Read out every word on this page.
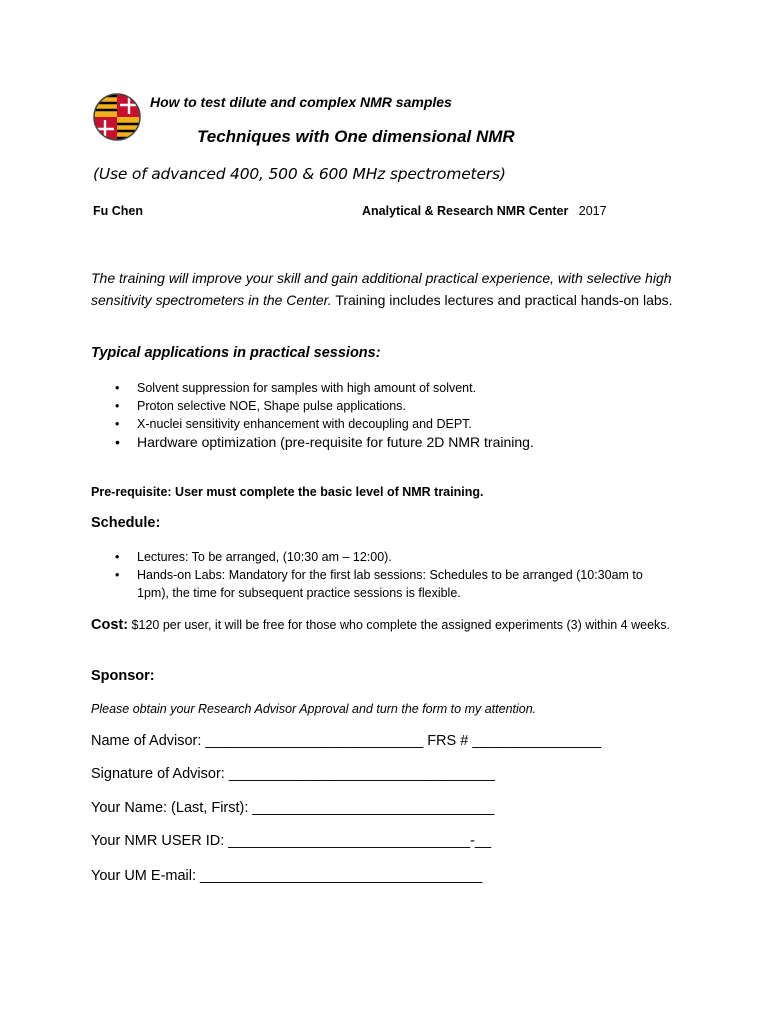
How to test dilute and complex NMR samples
Techniques with One dimensional NMR
(Use of advanced 400, 500 & 600 MHz spectrometers)
Fu Chen	Analytical & Research NMR Center 2017
The training will improve your skill and gain additional practical experience, with selective high sensitivity spectrometers in the Center. Training includes lectures and practical hands-on labs.
Typical applications in practical sessions:
• Solvent suppression for samples with high amount of solvent.
• Proton selective NOE, Shape pulse applications.
• X-nuclei sensitivity enhancement with decoupling and DEPT.
• Hardware optimization (pre-requisite for future 2D NMR training.
Pre-requisite: User must complete the basic level of NMR training.
Schedule:
• Lectures: To be arranged, (10:30 am – 12:00).
• Hands-on Labs: Mandatory for the first lab sessions: Schedules to be arranged (10:30am to 1pm), the time for subsequent practice sessions is flexible.
Cost: $120 per user, it will be free for those who complete the assigned experiments (3) within 4 weeks.
Sponsor:
Please obtain your Research Advisor Approval and turn the form to my attention.
Name of Advisor: ___________________________ FRS # ________________
Signature of Advisor: _________________________________
Your Name: (Last, First): ______________________________
Your NMR USER ID: ______________________________-__
Your UM E-mail: ___________________________________
